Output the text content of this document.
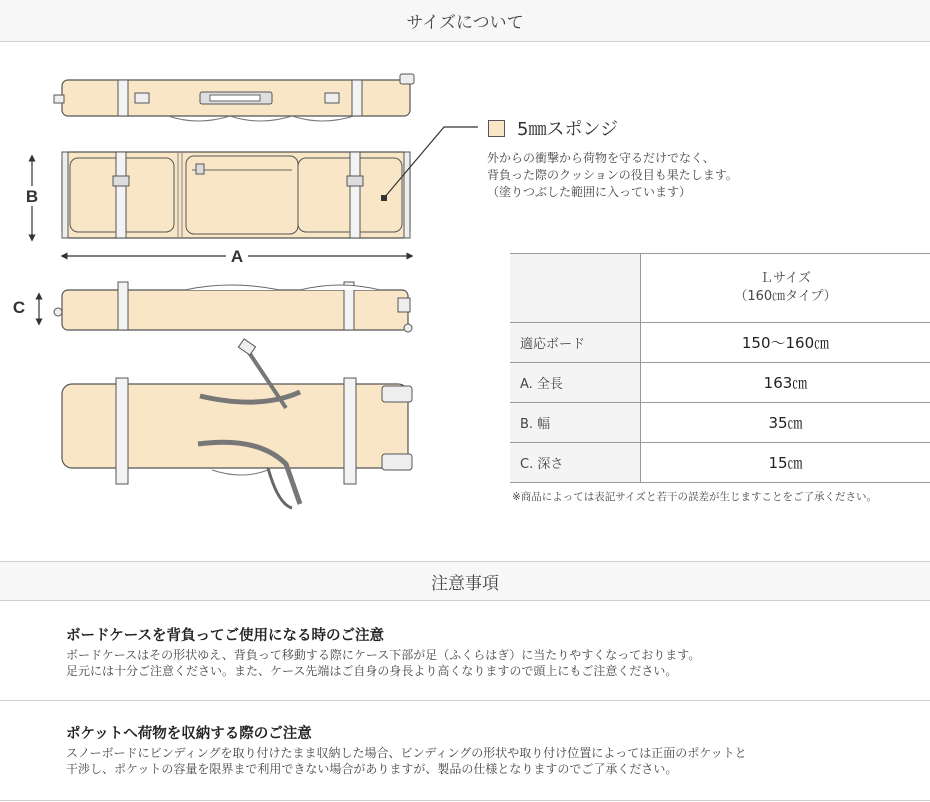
サイズについて
B
A
C
5㎜スポンジ
外からの衝撃から荷物を守るだけでなく、
背負った際のクッションの役目も果たします。
（塗りつぶした範囲に入っています）

	Ｌサイズ
（160㎝タイプ）

適応ボード	150〜160㎝
A. 全長	163㎝
B. 幅	35㎝
C. 深さ	15㎝
※商品によっては表記サイズと若干の誤差が生じますことをご了承ください。
注意事項
ボードケースを背負ってご使用になる時のご注意

ボードケースはその形状ゆえ、背負って移動する際にケース下部が足（ふくらはぎ）に当たりやすくなっております。
足元には十分ご注意ください。また、ケース先端はご自身の身長より高くなりますので頭上にもご注意ください。

ポケットへ荷物を収納する際のご注意

スノーボードにビンディングを取り付けたまま収納した場合、ビンディングの形状や取り付け位置によっては正面のポケットと
干渉し、ポケットの容量を限界まで利用できない場合がありますが、製品の仕様となりますのでご了承ください。
